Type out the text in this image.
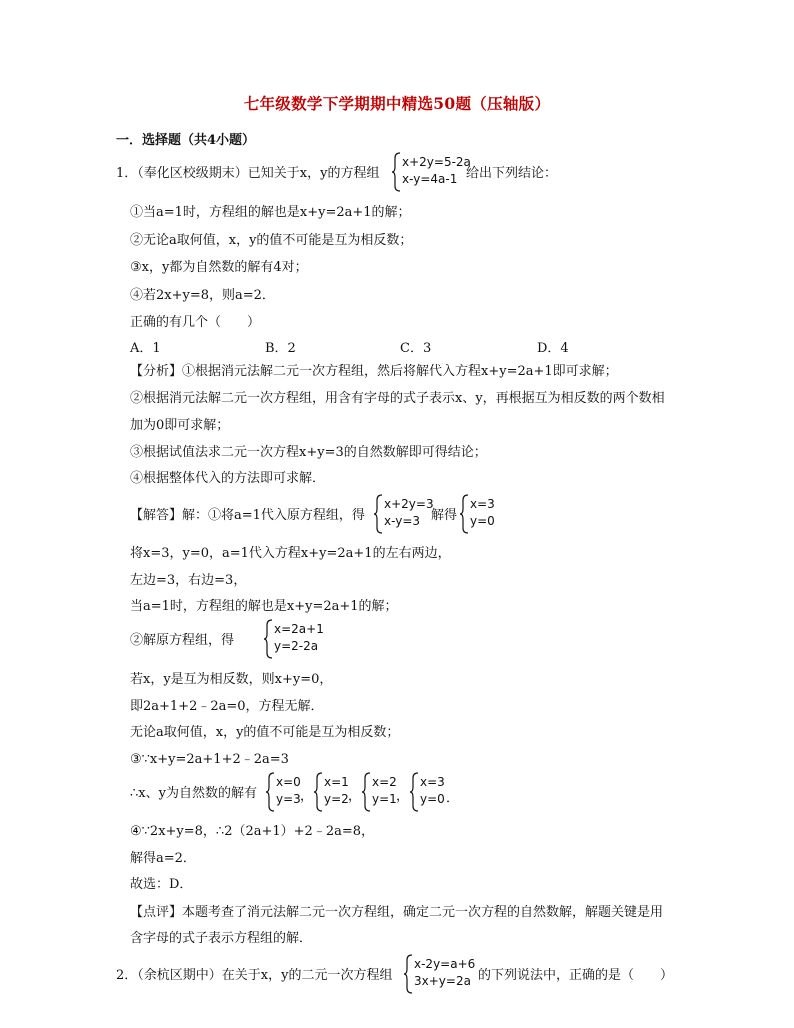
七年级数学下学期期中精选50题（压轴版）
一．选择题（共4小题）
1．（奉化区校级期末）已知关于x，y的方程组
x+2y=5-2a
x-y=4a-1 给出下列结论：
①当a=1时，方程组的解也是x+y=2a+1的解；
②无论a取何值，x，y的值不可能是互为相反数；
③x，y都为自然数的解有4对；
④若2x+y=8，则a=2．
正确的有几个（　　）
A．1	B．2	C．3	D．4
【分析】①根据消元法解二元一次方程组，然后将解代入方程x+y=2a+1即可求解；
②根据消元法解二元一次方程组，用含有字母的式子表示x、y，再根据互为相反数的两个数相
加为0即可求解；
③根据试值法求二元一次方程x+y=3的自然数解即可得结论；
④根据整体代入的方法即可求解．
【解答】解：①将a=1代入原方程组，得
x+2y=3
x-y=3 解得
x=3
y=0
将x=3，y=0，a=1代入方程x+y=2a+1的左右两边，
左边=3，右边=3，
当a=1时，方程组的解也是x+y=2a+1的解；
②解原方程组，得
x=2a+1
y=2-2a
若x，y是互为相反数，则x+y=0，
即2a+1+2﹣2a=0，方程无解．
无论a取何值，x，y的值不可能是互为相反数；
③∵x+y=2a+1+2﹣2a=3
∴x、y为自然数的解有
x=0
y=3 ，
x=1
y=2 ，
x=2
y=1 ，
x=3
y=0 ．
④∵2x+y=8，∴2（2a+1）+2﹣2a=8，
解得a=2．
故选：D．
【点评】本题考查了消元法解二元一次方程组，确定二元一次方程的自然数解，解题关键是用
含字母的式子表示方程组的解．
2．（余杭区期中）在关于x，y的二元一次方程组
x-2y=a+6
3x+y=2a 的下列说法中，正确的是（　　）
